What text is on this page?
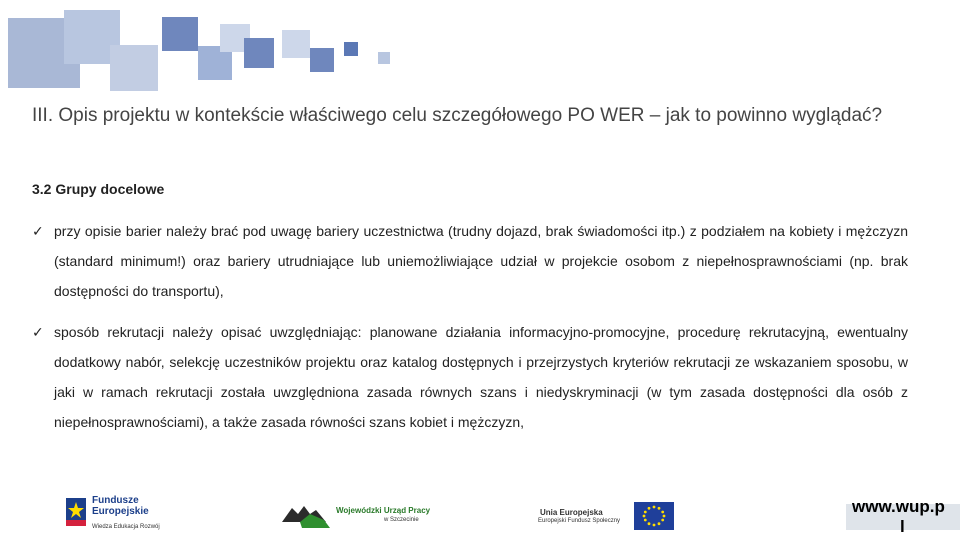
III. Opis projektu w kontekście właściwego celu szczegółowego PO WER – jak to powinno wyglądać?
3.2 Grupy docelowe
✓ przy opisie barier należy brać pod uwagę bariery uczestnictwa (trudny dojazd, brak świadomości itp.) z podziałem na kobiety i mężczyzn (standard minimum!) oraz bariery utrudniające lub uniemożliwiające udział w projekcie osobom z niepełnosprawnościami (np. brak dostępności do transportu),
✓ sposób rekrutacji należy opisać uwzględniając: planowane działania informacyjno-promocyjne, procedurę rekrutacyjną, ewentualny dodatkowy nabór, selekcję uczestników projektu oraz katalog dostępnych i przejrzystych kryteriów rekrutacji ze wskazaniem sposobu, w jaki w ramach rekrutacji została uwzględniona zasada równych szans i niedyskryminacji (w tym zasada dostępności dla osób z niepełnosprawnościami), a także zasada równości szans kobiet i mężczyzn,
Fundusze
Europejskie
Wiedza Edukacja Rozwój
Wojewódzki Urząd Pracy
w Szczecinie
Unia Europejska
Europejski Fundusz Społeczny
www.wup.p
l
